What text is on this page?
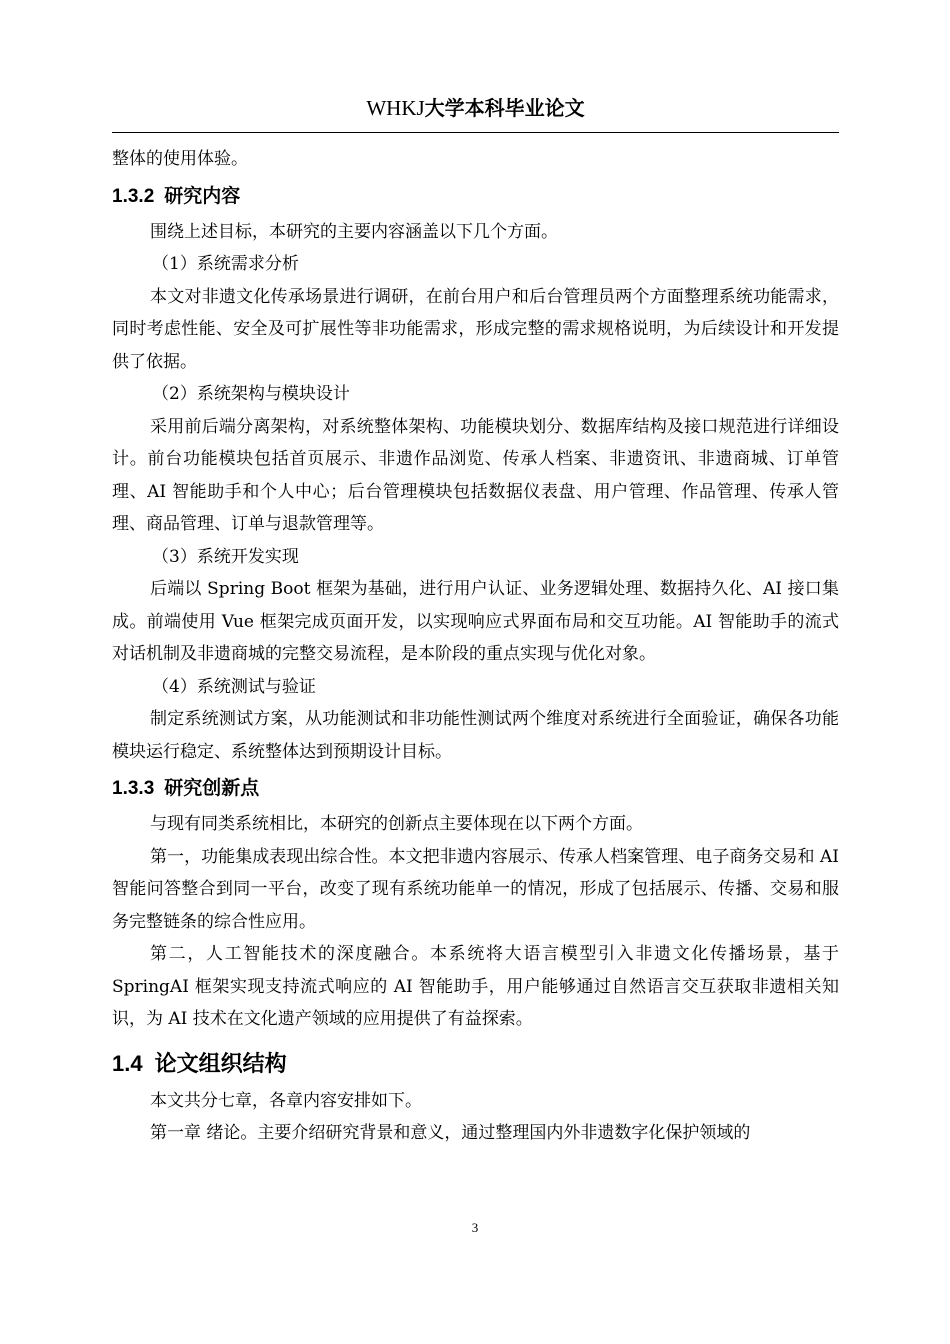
WHKJ大学本科毕业论文

整体的使用体验。

1.3.2 研究内容

围绕上述目标，本研究的主要内容涵盖以下几个方面。

（1）系统需求分析

本文对非遗文化传承场景进行调研，在前台用户和后台管理员两个方面整理系统功能需求，同时考虑性能、安全及可扩展性等非功能需求，形成完整的需求规格说明，为后续设计和开发提供了依据。

（2）系统架构与模块设计

采用前后端分离架构，对系统整体架构、功能模块划分、数据库结构及接口规范进行详细设计。前台功能模块包括首页展示、非遗作品浏览、传承人档案、非遗资讯、非遗商城、订单管理、AI 智能助手和个人中心；后台管理模块包括数据仪表盘、用户管理、作品管理、传承人管理、商品管理、订单与退款管理等。

（3）系统开发实现

后端以 Spring Boot 框架为基础，进行用户认证、业务逻辑处理、数据持久化、AI 接口集成。前端使用 Vue 框架完成页面开发，以实现响应式界面布局和交互功能。AI 智能助手的流式对话机制及非遗商城的完整交易流程，是本阶段的重点实现与优化对象。

（4）系统测试与验证

制定系统测试方案，从功能测试和非功能性测试两个维度对系统进行全面验证，确保各功能模块运行稳定、系统整体达到预期设计目标。

1.3.3 研究创新点

与现有同类系统相比，本研究的创新点主要体现在以下两个方面。

第一，功能集成表现出综合性。本文把非遗内容展示、传承人档案管理、电子商务交易和 AI 智能问答整合到同一平台，改变了现有系统功能单一的情况，形成了包括展示、传播、交易和服务完整链条的综合性应用。

第二，人工智能技术的深度融合。本系统将大语言模型引入非遗文化传播场景，基于 SpringAI 框架实现支持流式响应的 AI 智能助手，用户能够通过自然语言交互获取非遗相关知识，为 AI 技术在文化遗产领域的应用提供了有益探索。

1.4 论文组织结构

本文共分七章，各章内容安排如下。

第一章 绪论。主要介绍研究背景和意义，通过整理国内外非遗数字化保护领域的

3
